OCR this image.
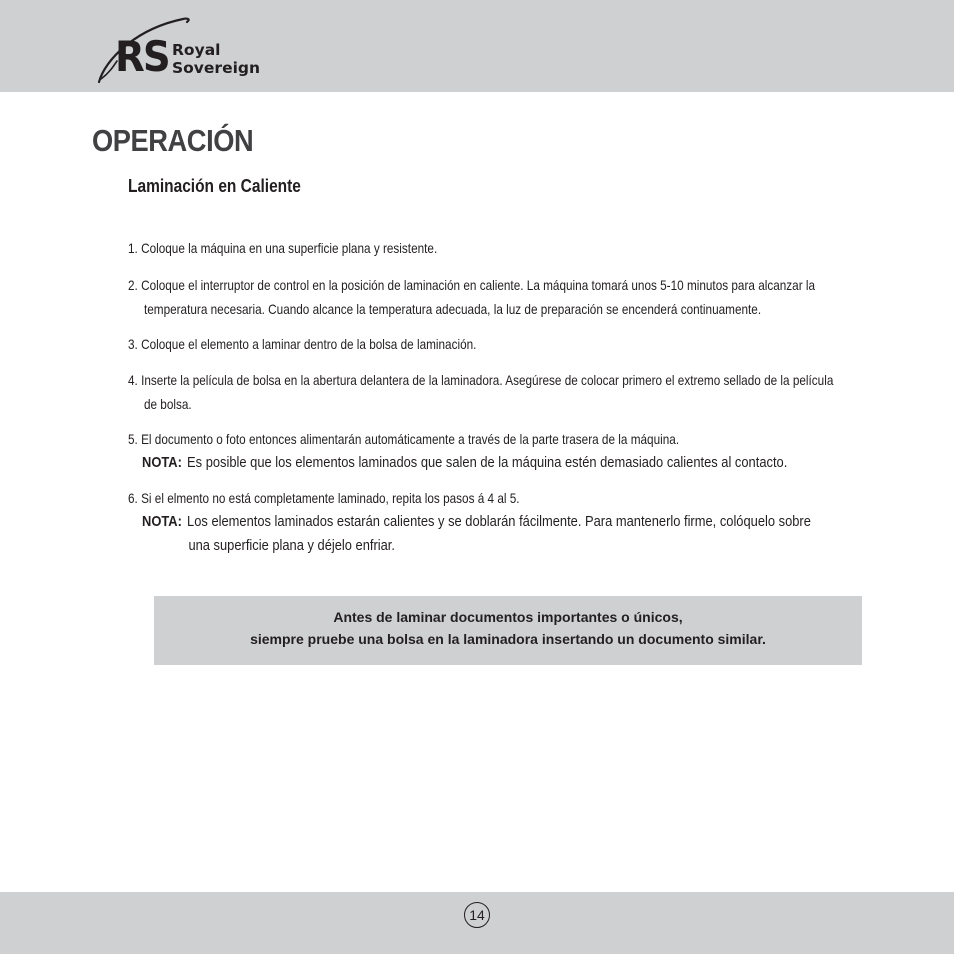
RS Royal
Sovereign
OPERACIÓN
Laminación en Caliente
1. Coloque la máquina en una superficie plana y resistente.
2. Coloque el interruptor de control en la posición de laminación en caliente. La máquina tomará unos 5-10 minutos para alcanzar la
temperatura necesaria. Cuando alcance la temperatura adecuada, la luz de preparación se encenderá continuamente.
3. Coloque el elemento a laminar dentro de la bolsa de laminación.
4. Inserte la película de bolsa en la abertura delantera de la laminadora. Asegúrese de colocar primero el extremo sellado de la película
de bolsa.
5. El documento o foto entonces alimentarán automáticamente a través de la parte trasera de la máquina.
NOTA: Es posible que los elementos laminados que salen de la máquina estén demasiado calientes al contacto.
6. Si el elmento no está completamente laminado, repita los pasos á 4 al 5.
NOTA: Los elementos laminados estarán calientes y se doblarán fácilmente. Para mantenerlo firme, colóquelo sobre
una superficie plana y déjelo enfriar.
Antes de laminar documentos importantes o únicos,
siempre pruebe una bolsa en la laminadora insertando un documento similar.
14
